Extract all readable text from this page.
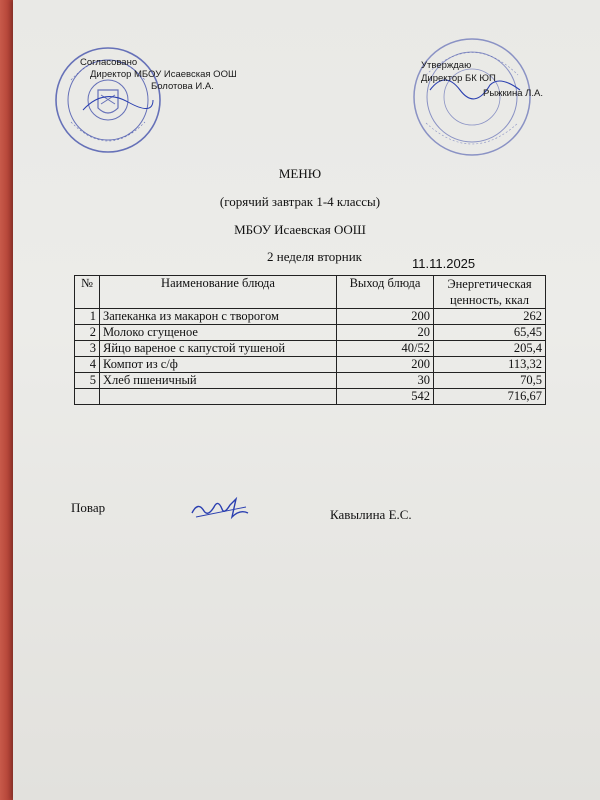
Согласовано
Директор МБОУ Исаевская ООШ
Болотова И.А.
Утверждаю
Директор БК ЮП
Рыжкина Л.А.
МЕНЮ
(горячий завтрак 1-4 классы)
МБОУ Исаевская ООШ
2 неделя вторник	11.11.2025
№	Наименование блюда	Выход блюда	Энергетическая ценность, ккал
1	Запеканка из макарон с творогом	200	262
2	Молоко сгущеное	20	65,45
3	Яйцо вареное с капустой тушеной	40/52	205,4
4	Компот из с/ф	200	113,32
5	Хлеб пшеничный	30	70,5
		542	716,67
Повар	Кавылина Е.С.
